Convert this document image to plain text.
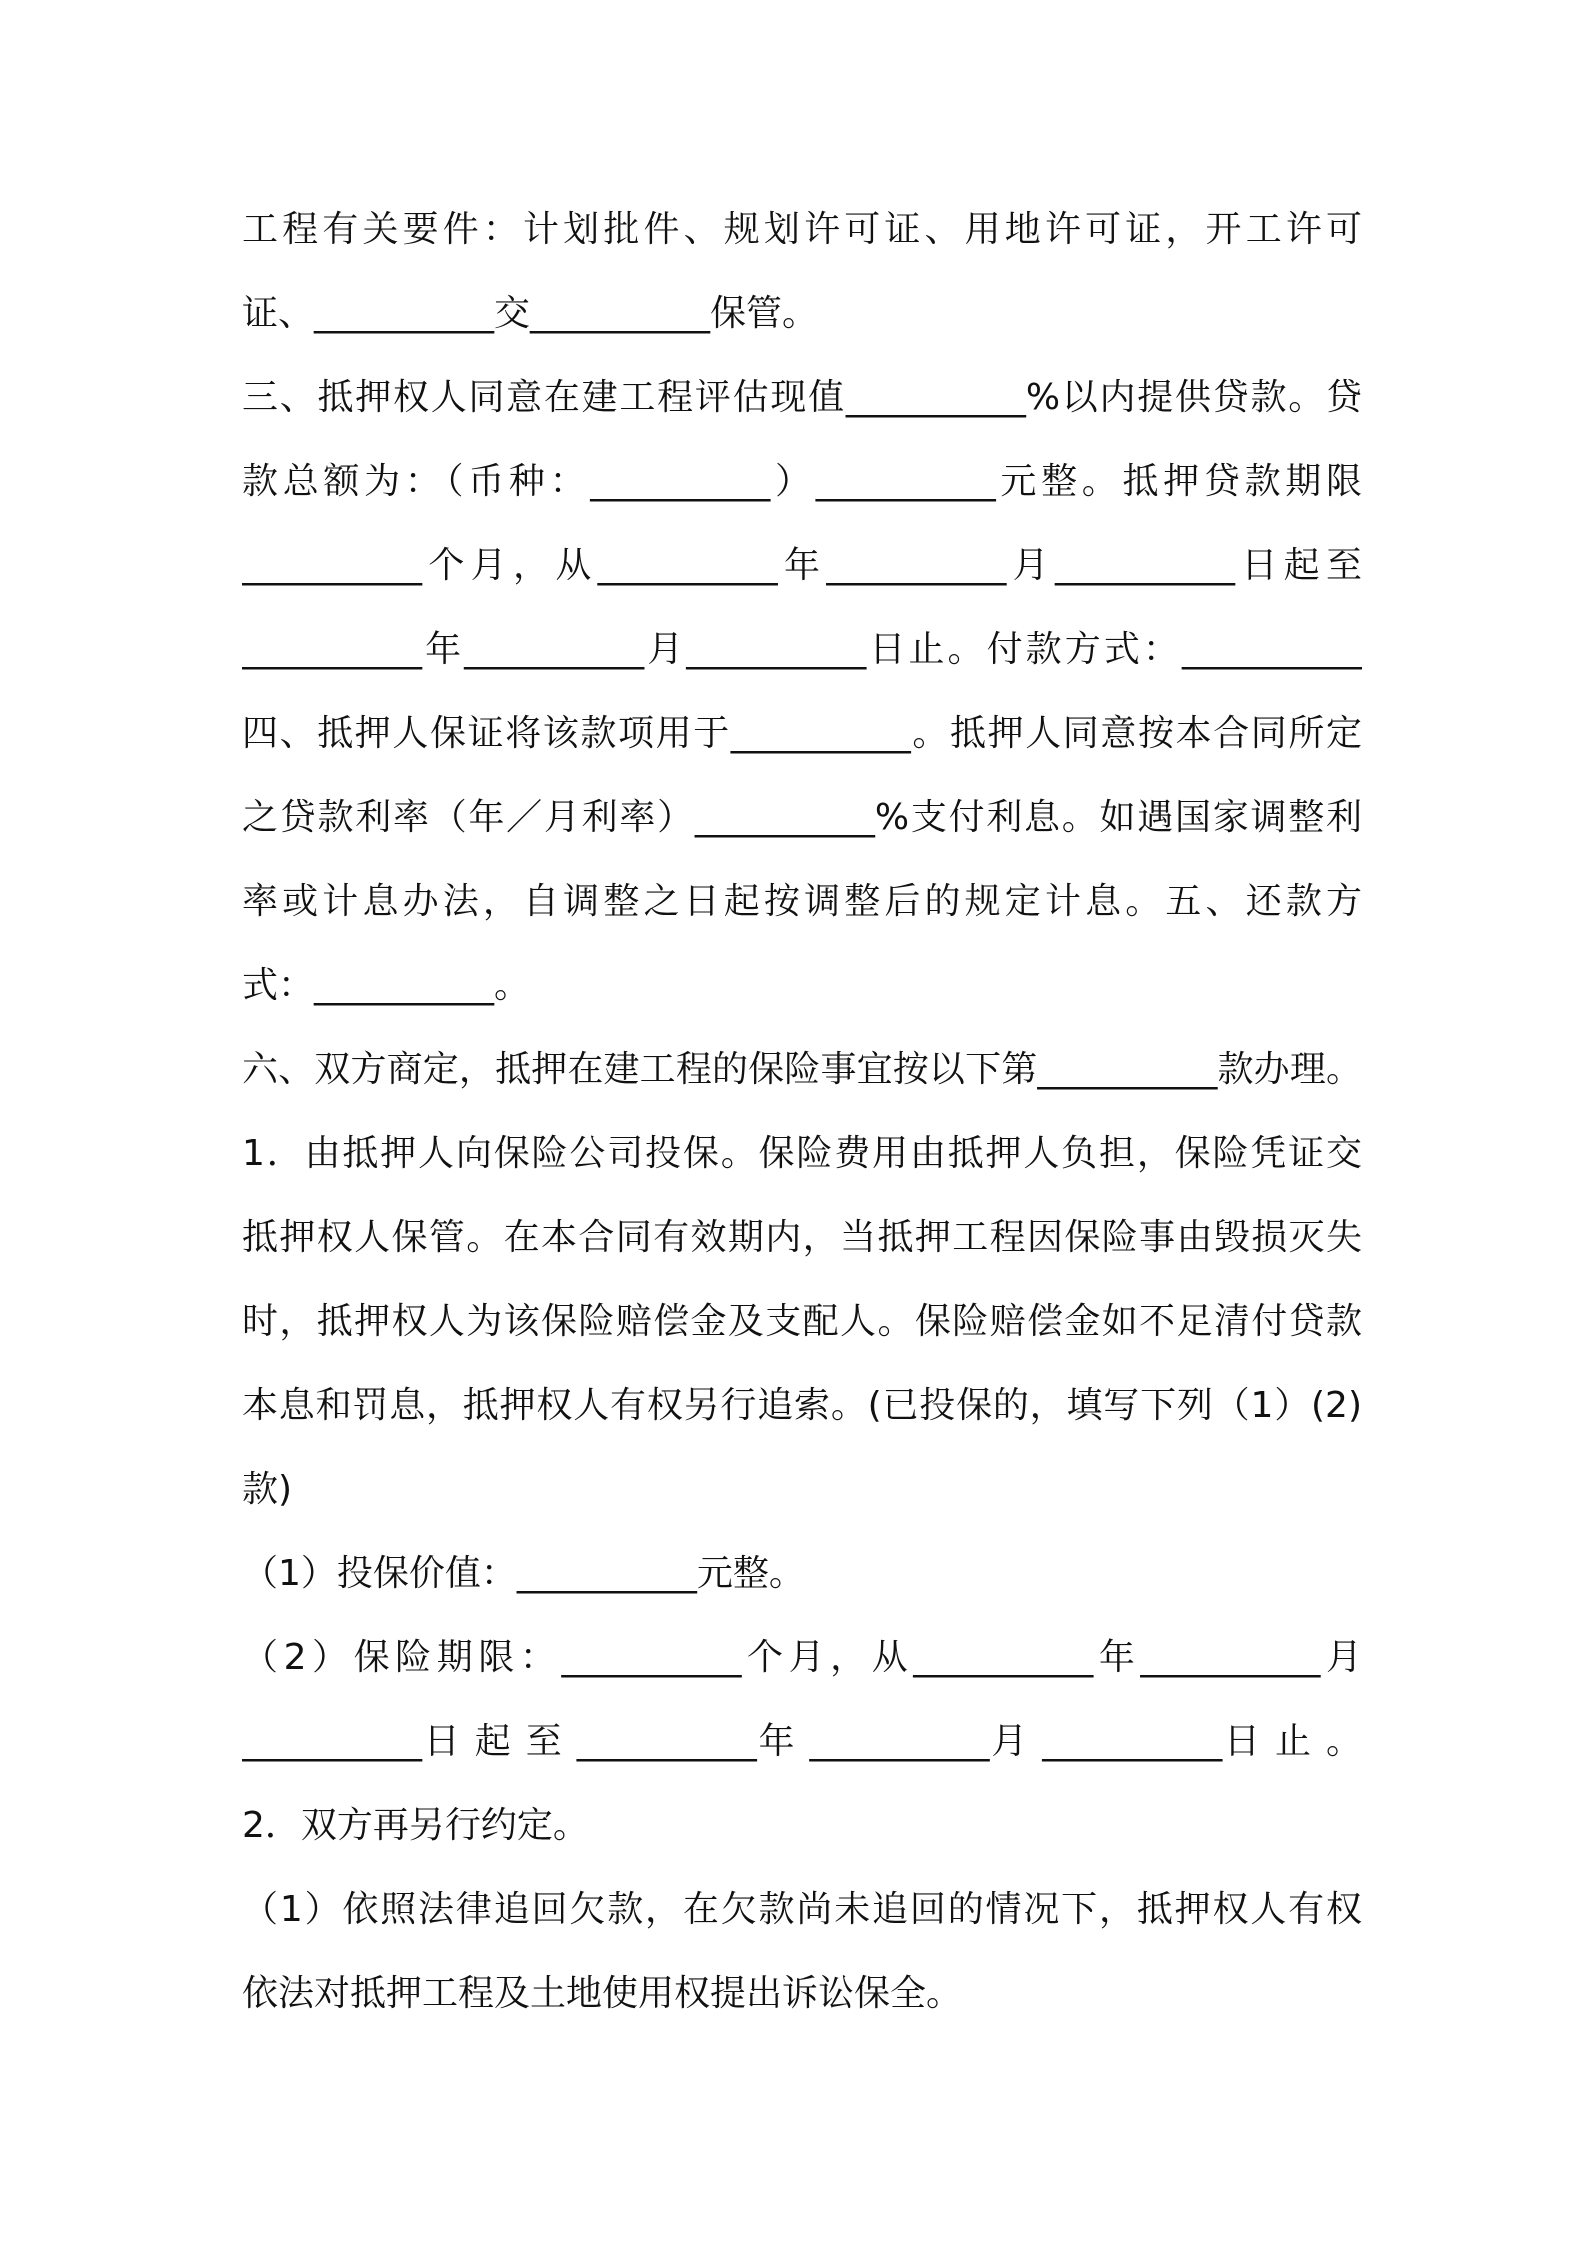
工程有关要件：计划批件、规划许可证、用地许可证，开工许可
证、__________交__________保管。
三、抵押权人同意在建工程评估现值__________%以内提供贷款。贷
款总额为：（币种：__________）__________元整。抵押贷款期限
__________个月，从__________年__________月__________日起至
__________年__________月__________日止。付款方式：__________
四、抵押人保证将该款项用于__________。抵押人同意按本合同所定
之贷款利率（年／月利率）__________%支付利息。如遇国家调整利
率或计息办法，自调整之日起按调整后的规定计息。五、还款方
式：__________。
六、双方商定，抵押在建工程的保险事宜按以下第__________款办理。
1．由抵押人向保险公司投保。保险费用由抵押人负担，保险凭证交
抵押权人保管。在本合同有效期内，当抵押工程因保险事由毁损灭失
时，抵押权人为该保险赔偿金及支配人。保险赔偿金如不足清付贷款
本息和罚息，抵押权人有权另行追索。(已投保的，填写下列（1）(2)
款)
（1）投保价值：__________元整。
（2）保险期限：__________个月，从__________年__________月
__________日 起 至 __________年 __________月 __________日 止 。
2．双方再另行约定。
（1）依照法律追回欠款，在欠款尚未追回的情况下，抵押权人有权
依法对抵押工程及土地使用权提出诉讼保全。
